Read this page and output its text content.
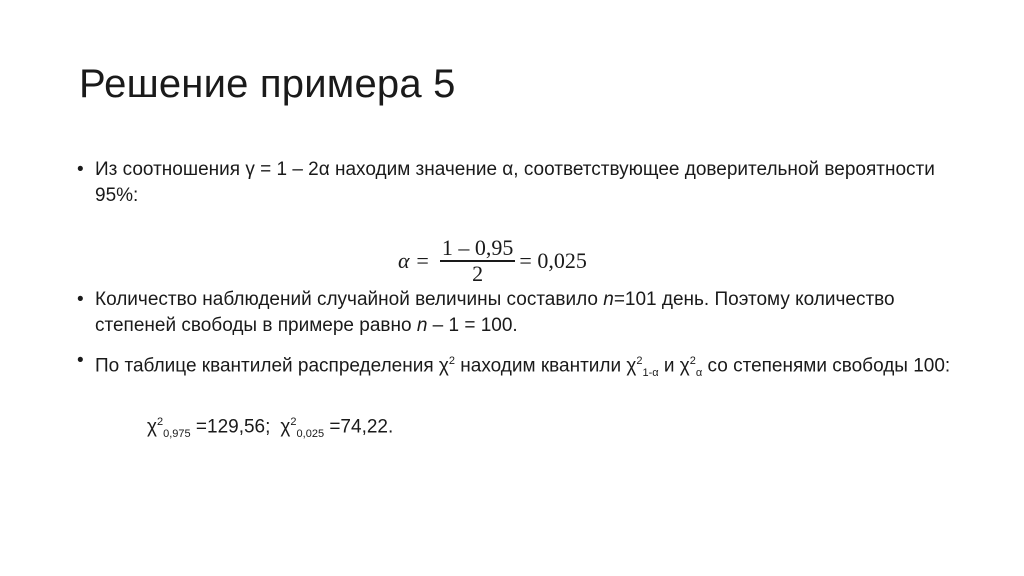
Решение примера 5
• Из соотношения γ = 1 – 2α находим значение α, соответствующее доверительной вероятности 95%:
$\alpha = \frac{1 - 0,95}{2} = 0,025$
• Количество наблюдений случайной величины составило n=101 день. Поэтому количество степеней свободы в примере равно n – 1 = 100.
• По таблице квантилей распределения $\chi^2$ находим квантили $\chi^2_{1-\alpha}$ и $\chi^2_\alpha$ со степенями свободы 100:
$\chi^2_{0,975} =129,56$; $\chi^2_{0,025} =74,22$.
